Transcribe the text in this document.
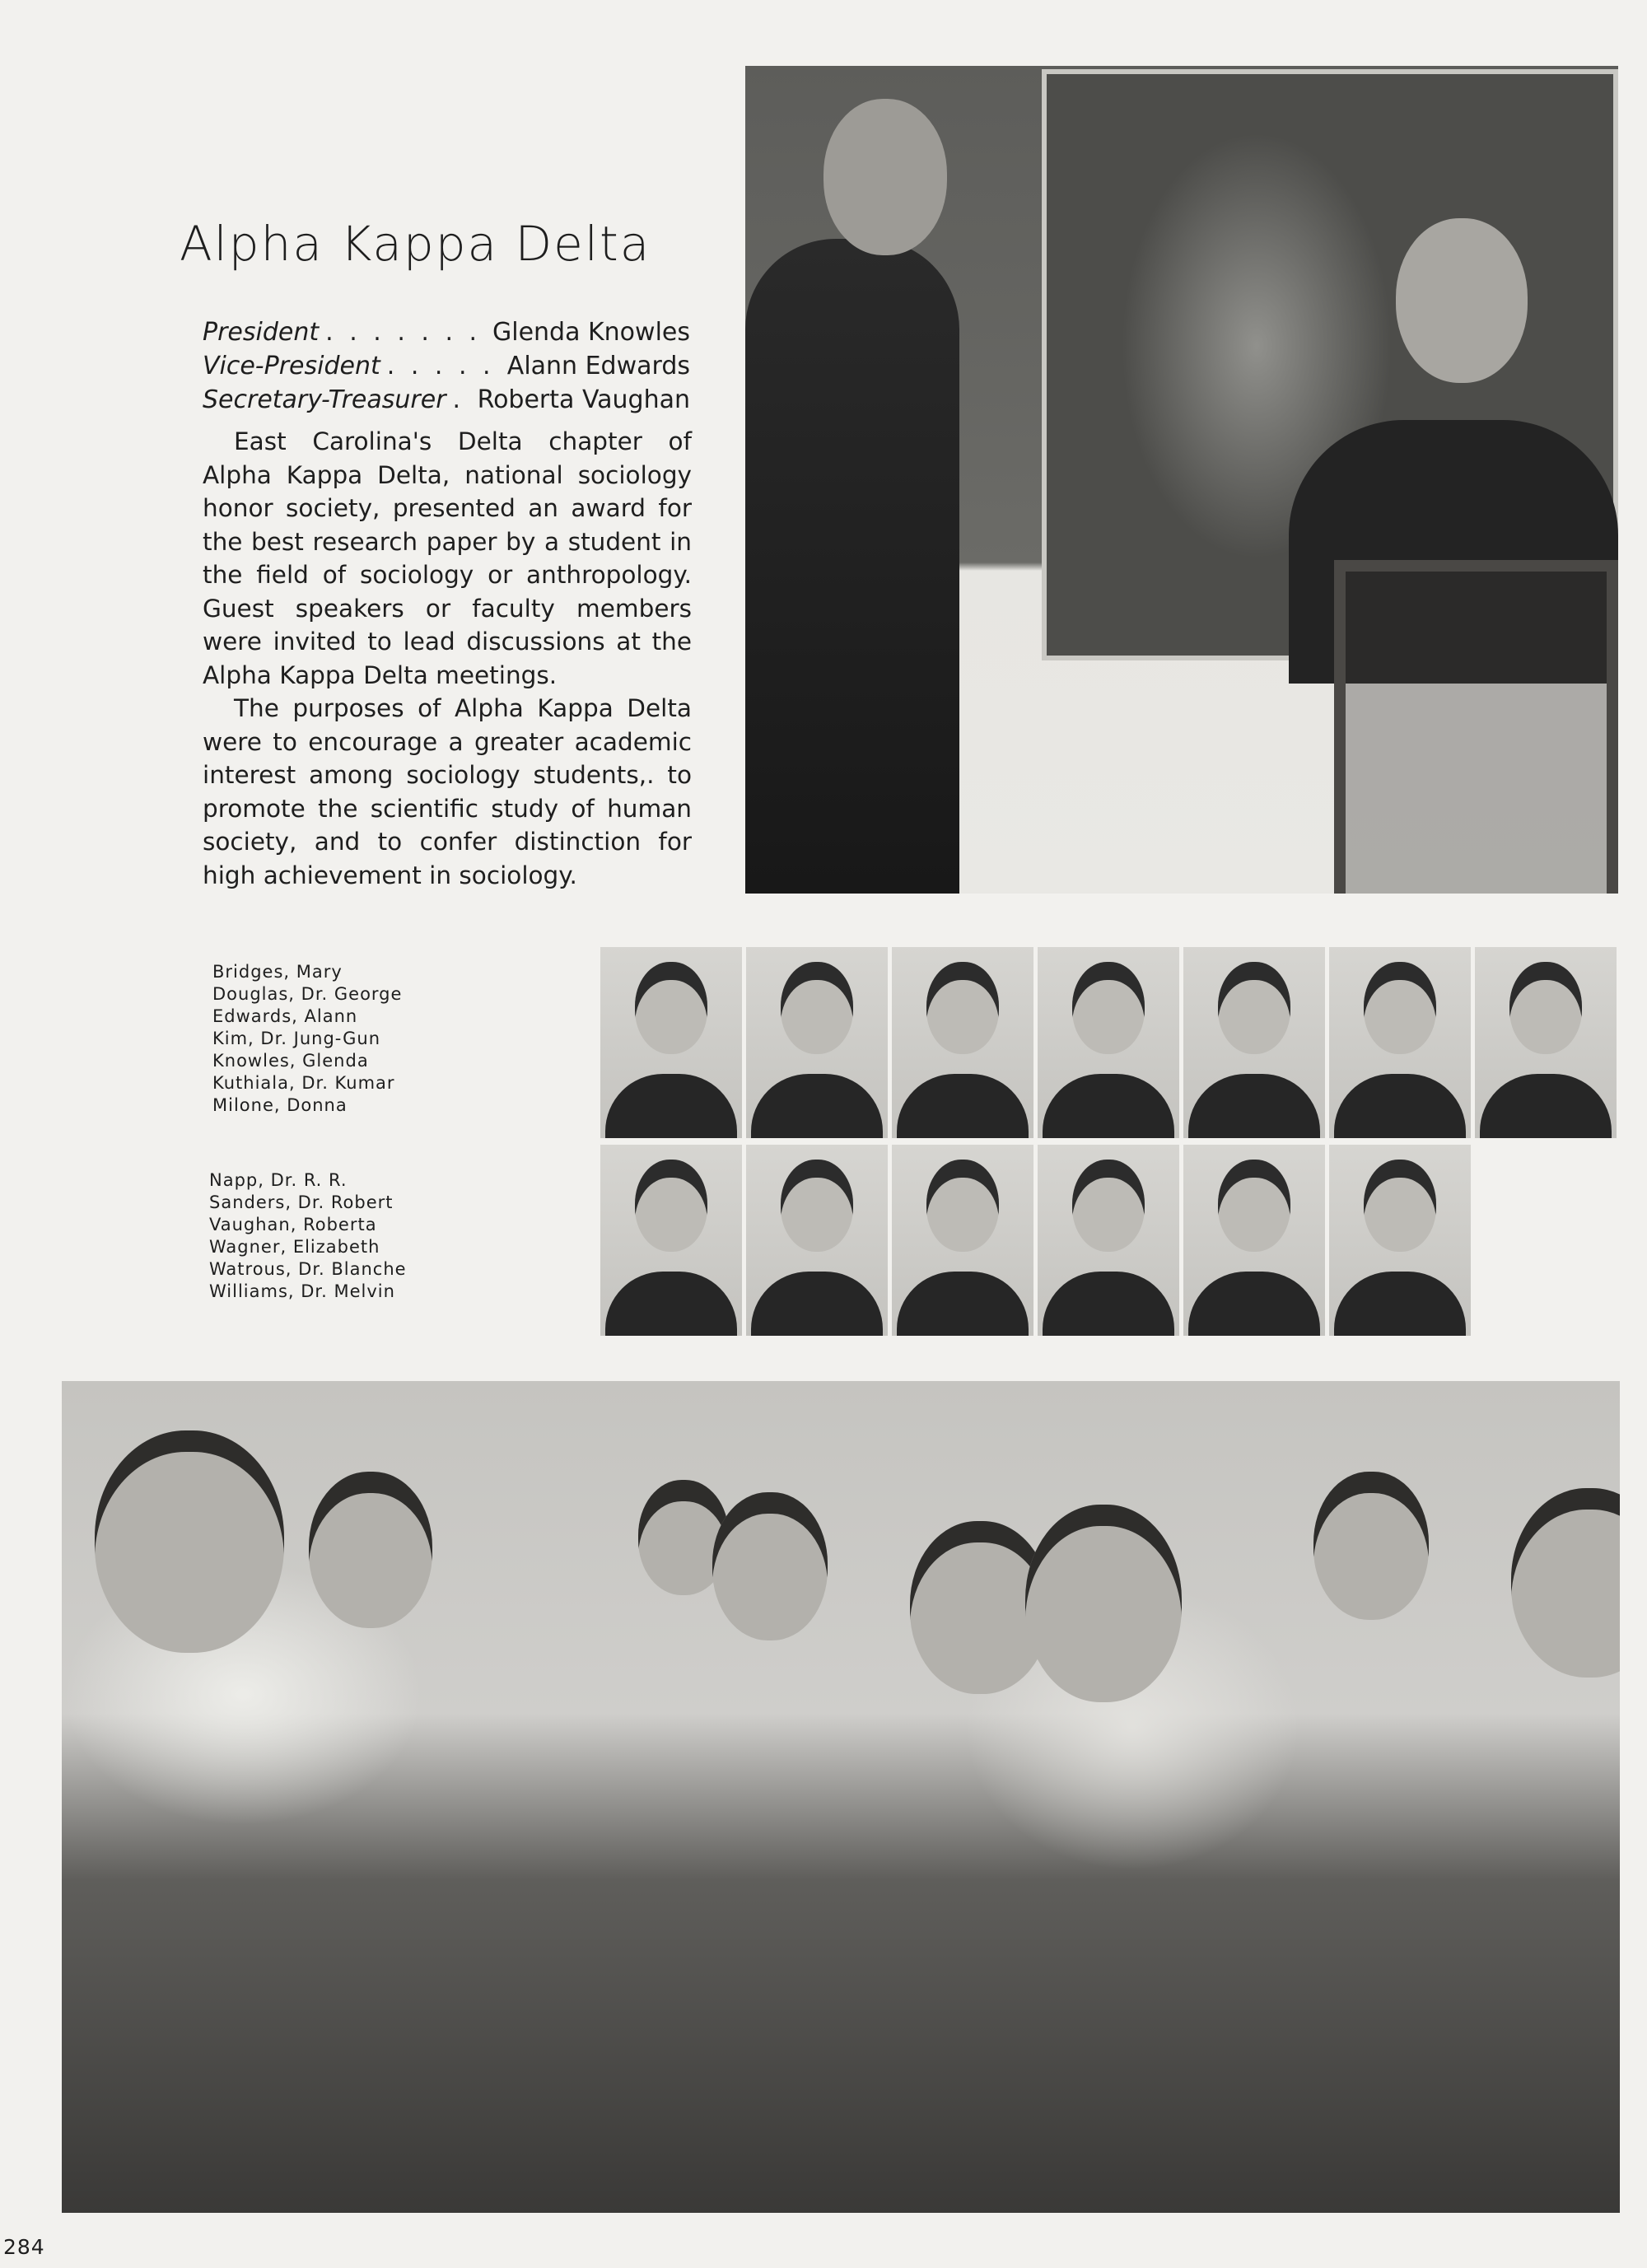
Alpha Kappa Delta
President . . .	Glenda Knowles
Vice-President . . .	Alann Edwards
Secretary-Treasurer . . . Roberta Vaughan

East Carolina's Delta chapter of Alpha Kappa Delta, national sociology honor society, presented an award for the best research paper by a student in the field of sociology or anthropology. Guest speakers or faculty members were invited to lead discussions at the Alpha Kappa Delta meetings.

The purposes of Alpha Kappa Delta were to encourage a greater academic interest among sociology students,. to promote the scientific study of human society, and to confer distinction for high achievement in sociology.

Bridges, Mary
Douglas, Dr. George
Edwards, Alann
Kim, Dr. Jung-Gun
Knowles, Glenda
Kuthiala, Dr. Kumar
Milone, Donna
Napp, Dr. R. R.
Sanders, Dr. Robert
Vaughan, Roberta
Wagner, Elizabeth
Watrous, Dr. Blanche
Williams, Dr. Melvin
284
